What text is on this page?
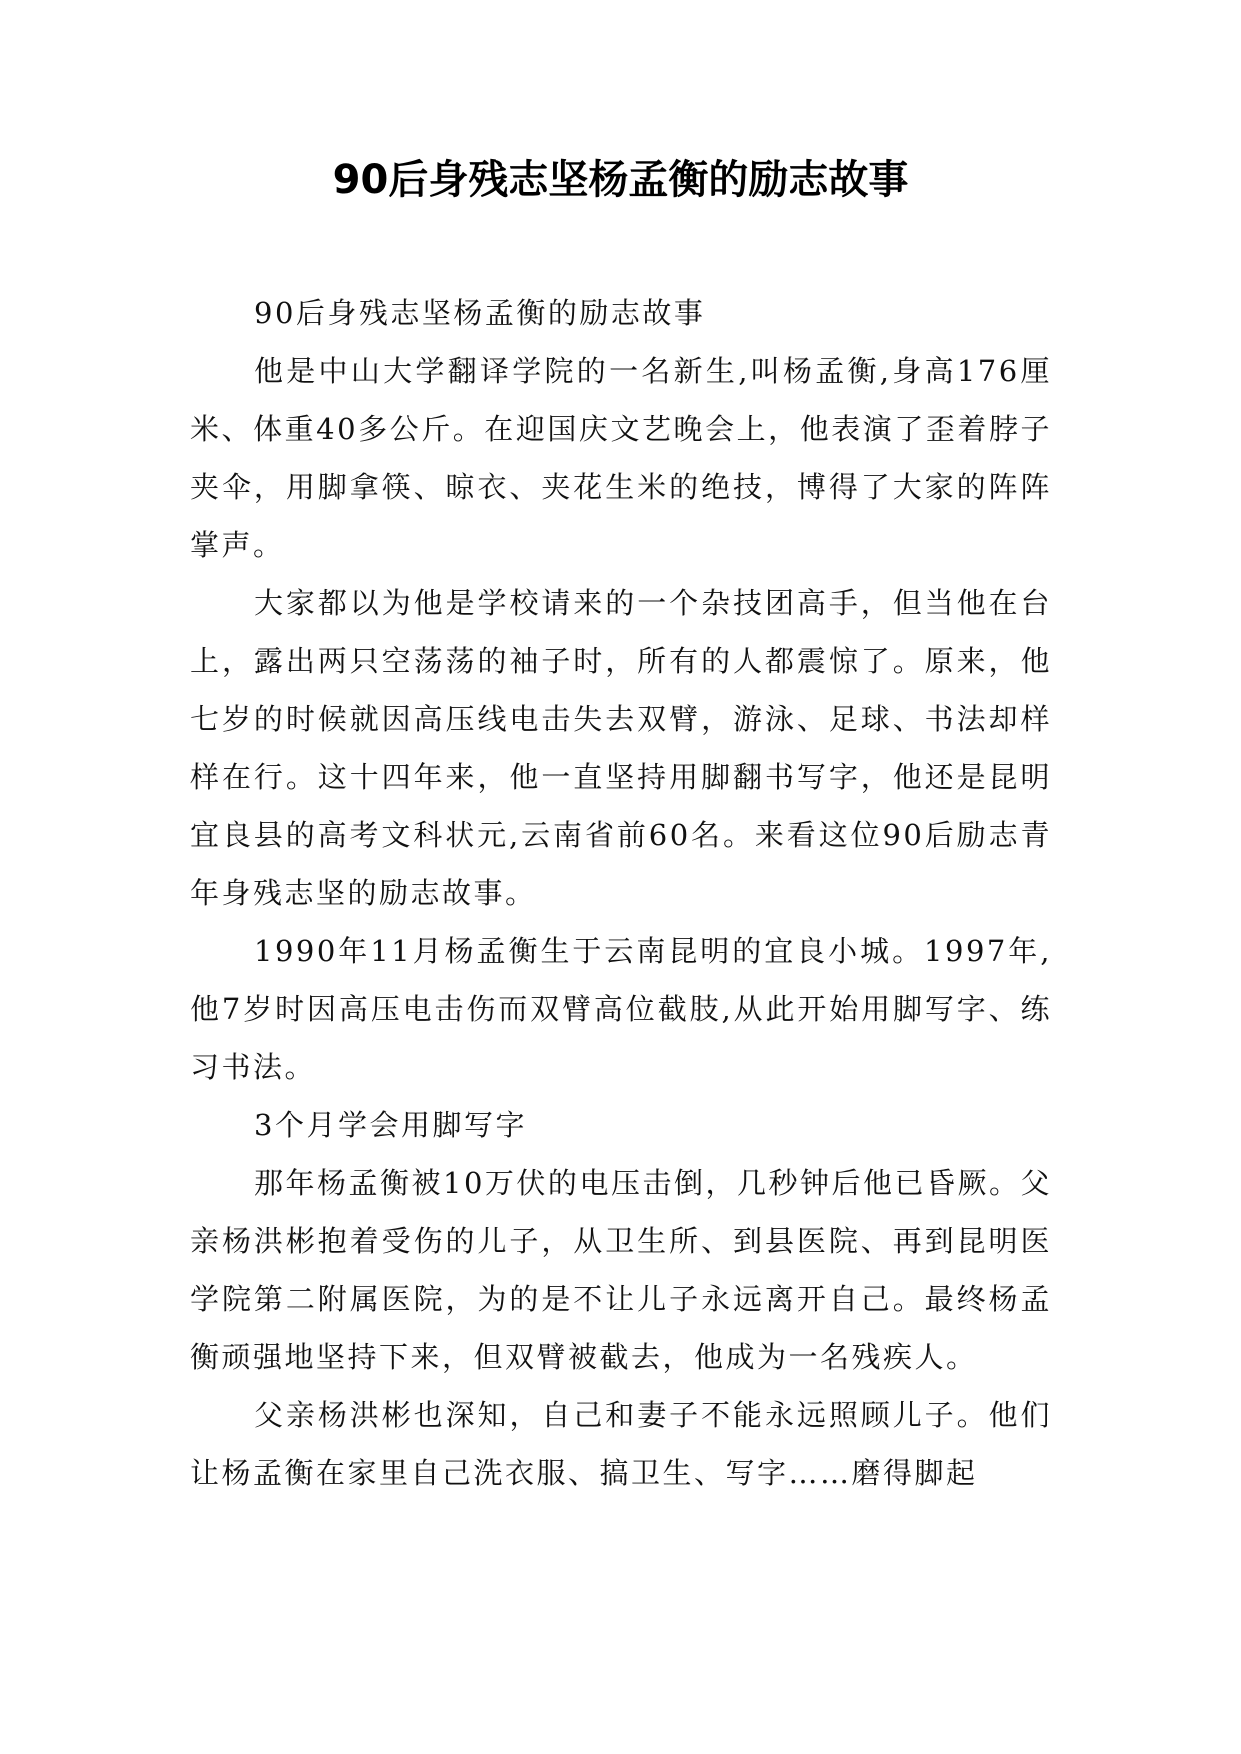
90后身残志坚杨孟衡的励志故事

90后身残志坚杨孟衡的励志故事

他是中山大学翻译学院的一名新生,叫杨孟衡,身高176厘米、体重40多公斤。在迎国庆文艺晚会上，他表演了歪着脖子夹伞，用脚拿筷、晾衣、夹花生米的绝技，博得了大家的阵阵掌声。

大家都以为他是学校请来的一个杂技团高手，但当他在台上，露出两只空荡荡的袖子时，所有的人都震惊了。原来，他七岁的时候就因高压线电击失去双臂，游泳、足球、书法却样样在行。这十四年来，他一直坚持用脚翻书写字，他还是昆明宜良县的高考文科状元,云南省前60名。来看这位90后励志青年身残志坚的励志故事。

1990年11月杨孟衡生于云南昆明的宜良小城。1997年,他7岁时因高压电击伤而双臂高位截肢,从此开始用脚写字、练习书法。

3个月学会用脚写字

那年杨孟衡被10万伏的电压击倒，几秒钟后他已昏厥。父亲杨洪彬抱着受伤的儿子，从卫生所、到县医院、再到昆明医学院第二附属医院，为的是不让儿子永远离开自己。最终杨孟衡顽强地坚持下来，但双臂被截去，他成为一名残疾人。

父亲杨洪彬也深知，自己和妻子不能永远照顾儿子。他们让杨孟衡在家里自己洗衣服、搞卫生、写字……磨得脚起
